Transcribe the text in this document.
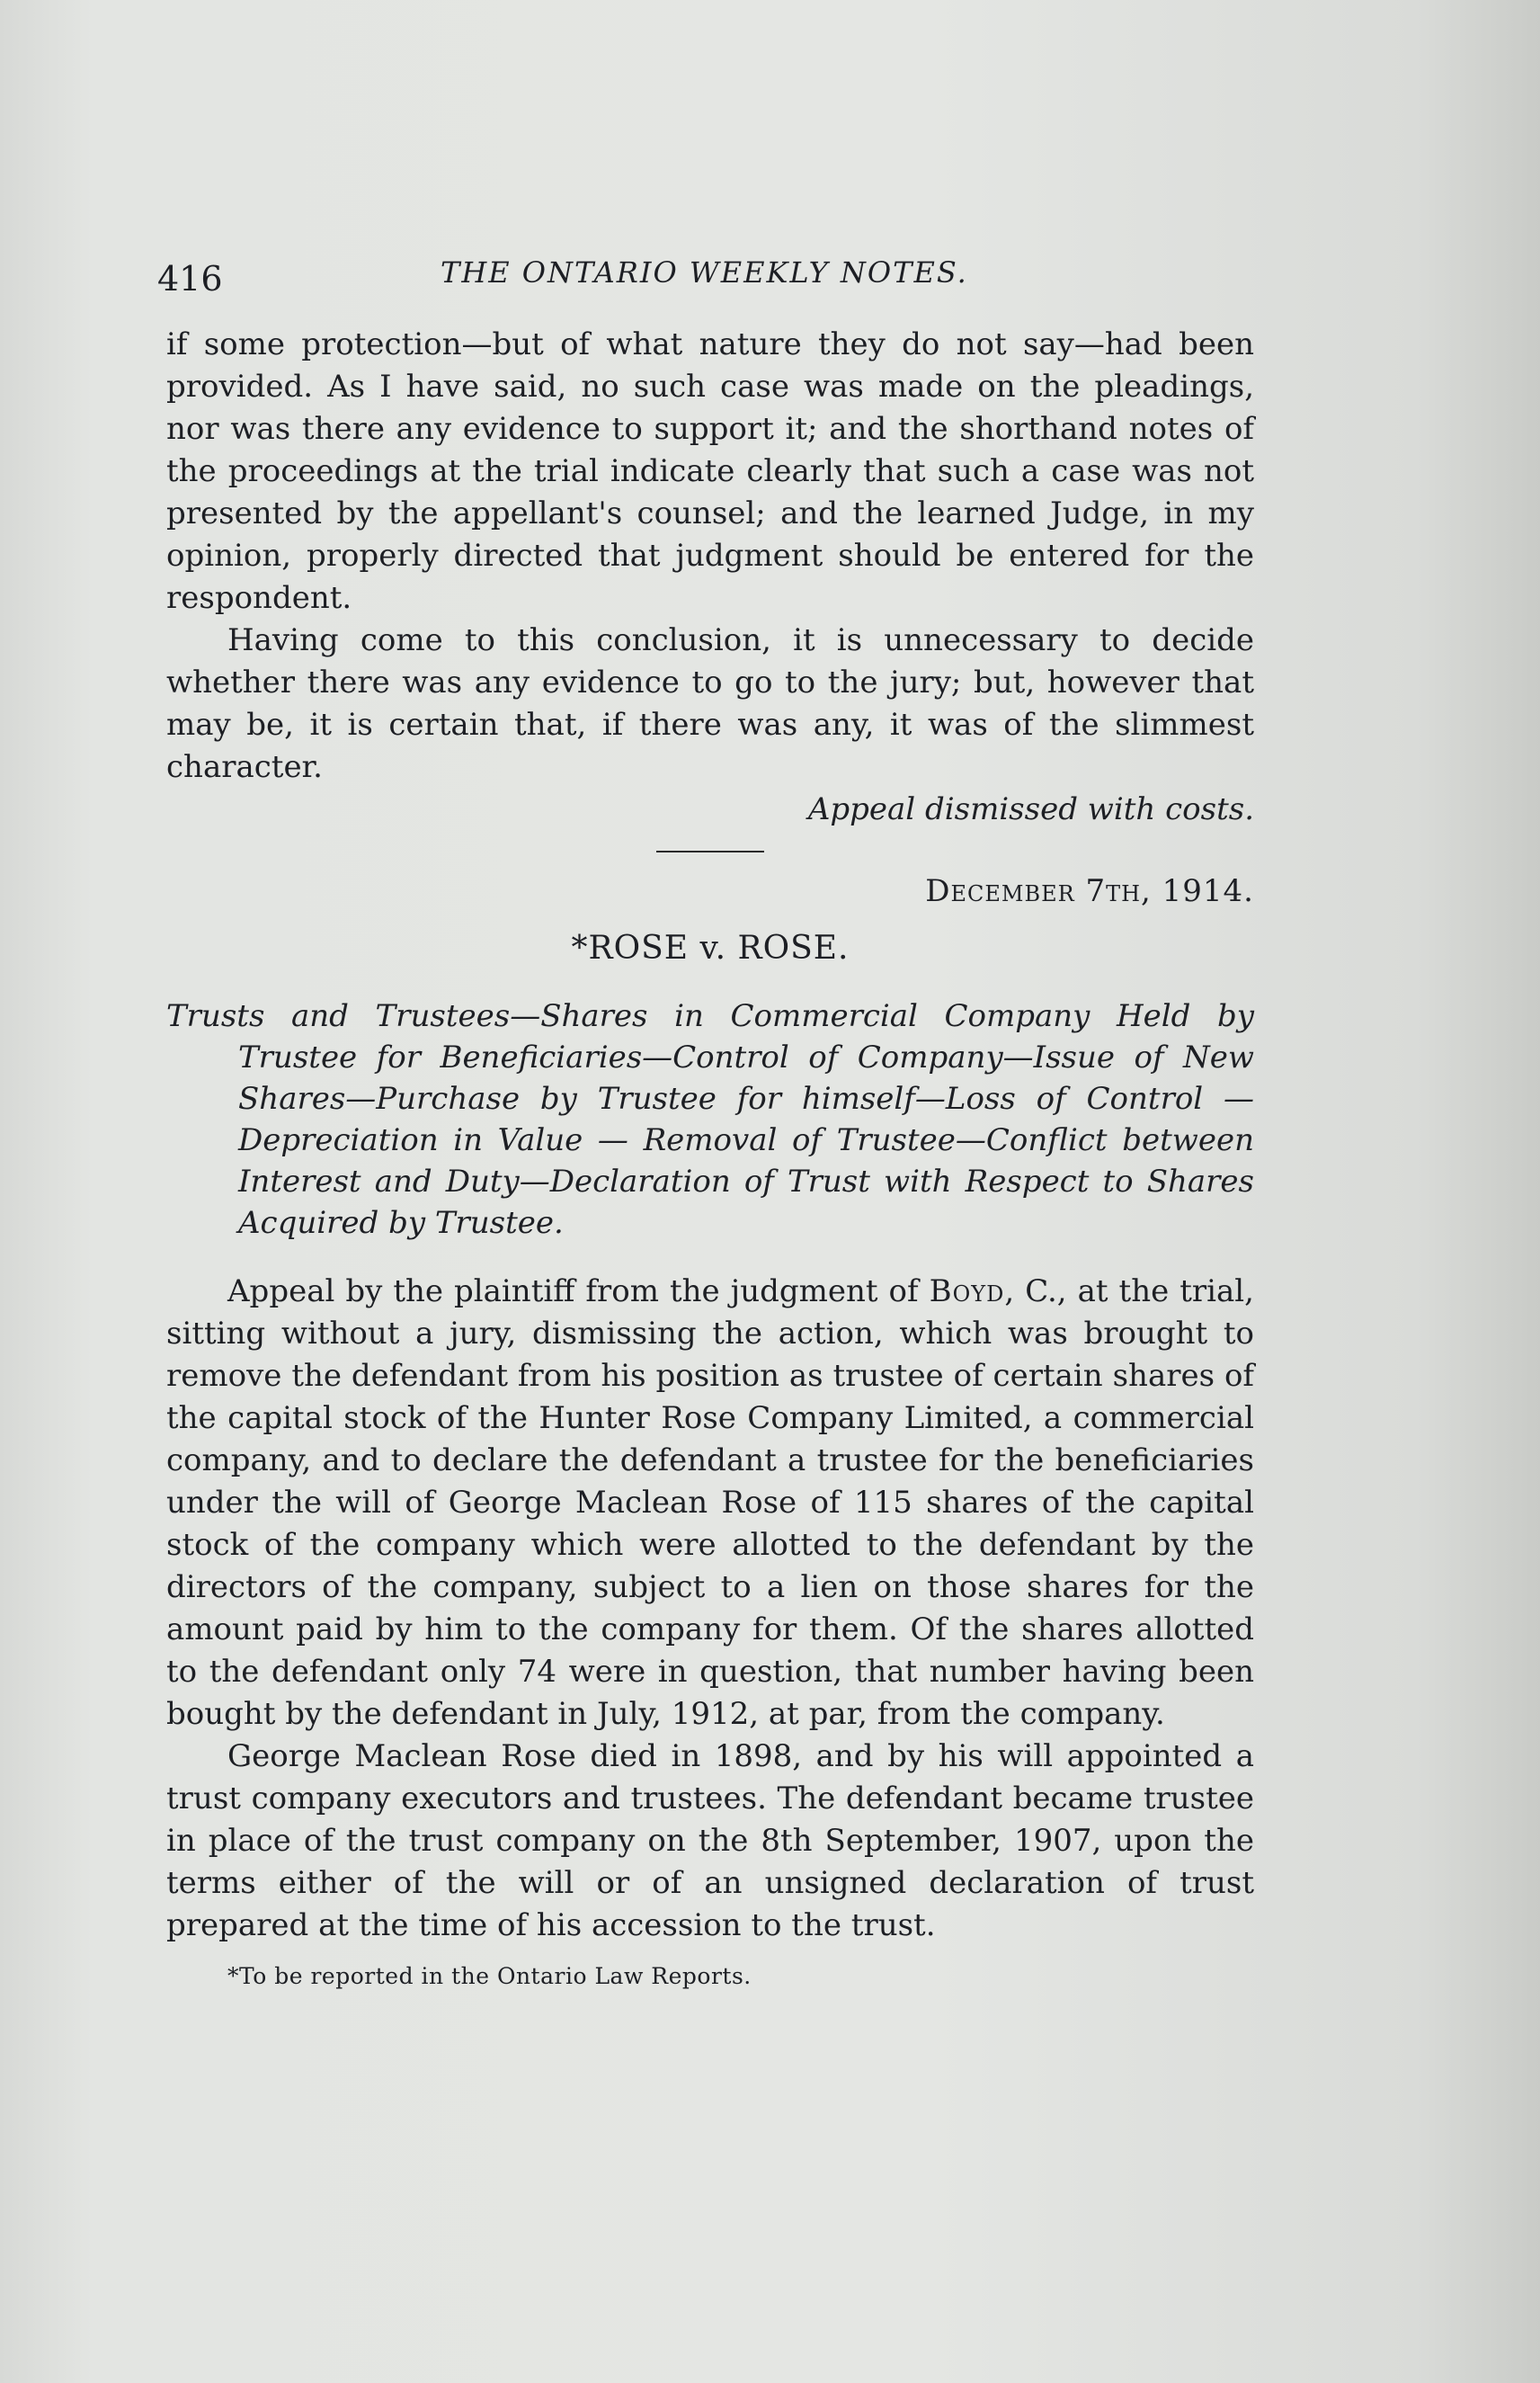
416	THE ONTARIO WEEKLY NOTES.

if some protection—but of what nature they do not say—had been provided. As I have said, no such case was made on the pleadings, nor was there any evidence to support it; and the shorthand notes of the proceedings at the trial indicate clearly that such a case was not presented by the appellant's counsel; and the learned Judge, in my opinion, properly directed that judgment should be entered for the respondent.

Having come to this conclusion, it is unnecessary to decide whether there was any evidence to go to the jury; but, however that may be, it is certain that, if there was any, it was of the slimmest character.

Appeal dismissed with costs.
December 7th, 1914.
*ROSE v. ROSE.
Trusts and Trustees—Shares in Commercial Company Held by Trustee for Beneficiaries—Control of Company—Issue of New Shares—Purchase by Trustee for himself—Loss of Control — Depreciation in Value — Removal of Trustee—Conflict between Interest and Duty—Declaration of Trust with Respect to Shares Acquired by Trustee.

Appeal by the plaintiff from the judgment of Boyd, C., at the trial, sitting without a jury, dismissing the action, which was brought to remove the defendant from his position as trustee of certain shares of the capital stock of the Hunter Rose Company Limited, a commercial company, and to declare the defendant a trustee for the beneficiaries under the will of George Maclean Rose of 115 shares of the capital stock of the company which were allotted to the defendant by the directors of the company, subject to a lien on those shares for the amount paid by him to the company for them. Of the shares allotted to the defendant only 74 were in question, that number having been bought by the defendant in July, 1912, at par, from the company.

George Maclean Rose died in 1898, and by his will appointed a trust company executors and trustees. The defendant became trustee in place of the trust company on the 8th September, 1907, upon the terms either of the will or of an unsigned declaration of trust prepared at the time of his accession to the trust.

*To be reported in the Ontario Law Reports.
